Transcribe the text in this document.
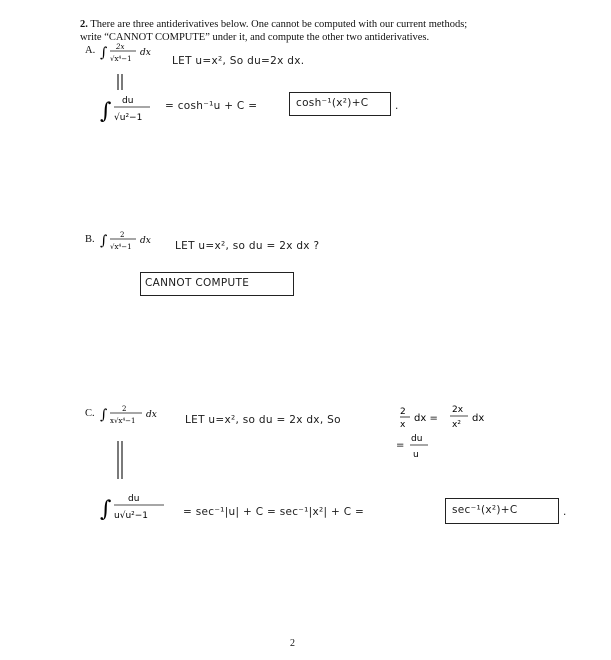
2. There are three antiderivatives below. One cannot be computed with our current methods;
write “CANNOT COMPUTE” under it, and compute the other two antiderivatives.
A. ∫ 2x
√x⁴−1
dx
LET u=x², So du=2x dx.
∫ du
√u²−1
= cosh⁻¹u + C =	cosh⁻¹(x²)+C	.
B. ∫ 2
√x⁴−1
dx LET u=x², so du = 2x dx ?
CANNOT COMPUTE
C. ∫ 2
x√x⁴−1
dx	LET u=x², so du = 2x dx, So
2
x
dx =
2x
x²
dx
=
du
u
∫ du
u√u²−1	= sec⁻¹|u| + C = sec⁻¹|x²| + C =	sec⁻¹(x²)+C	.
2
